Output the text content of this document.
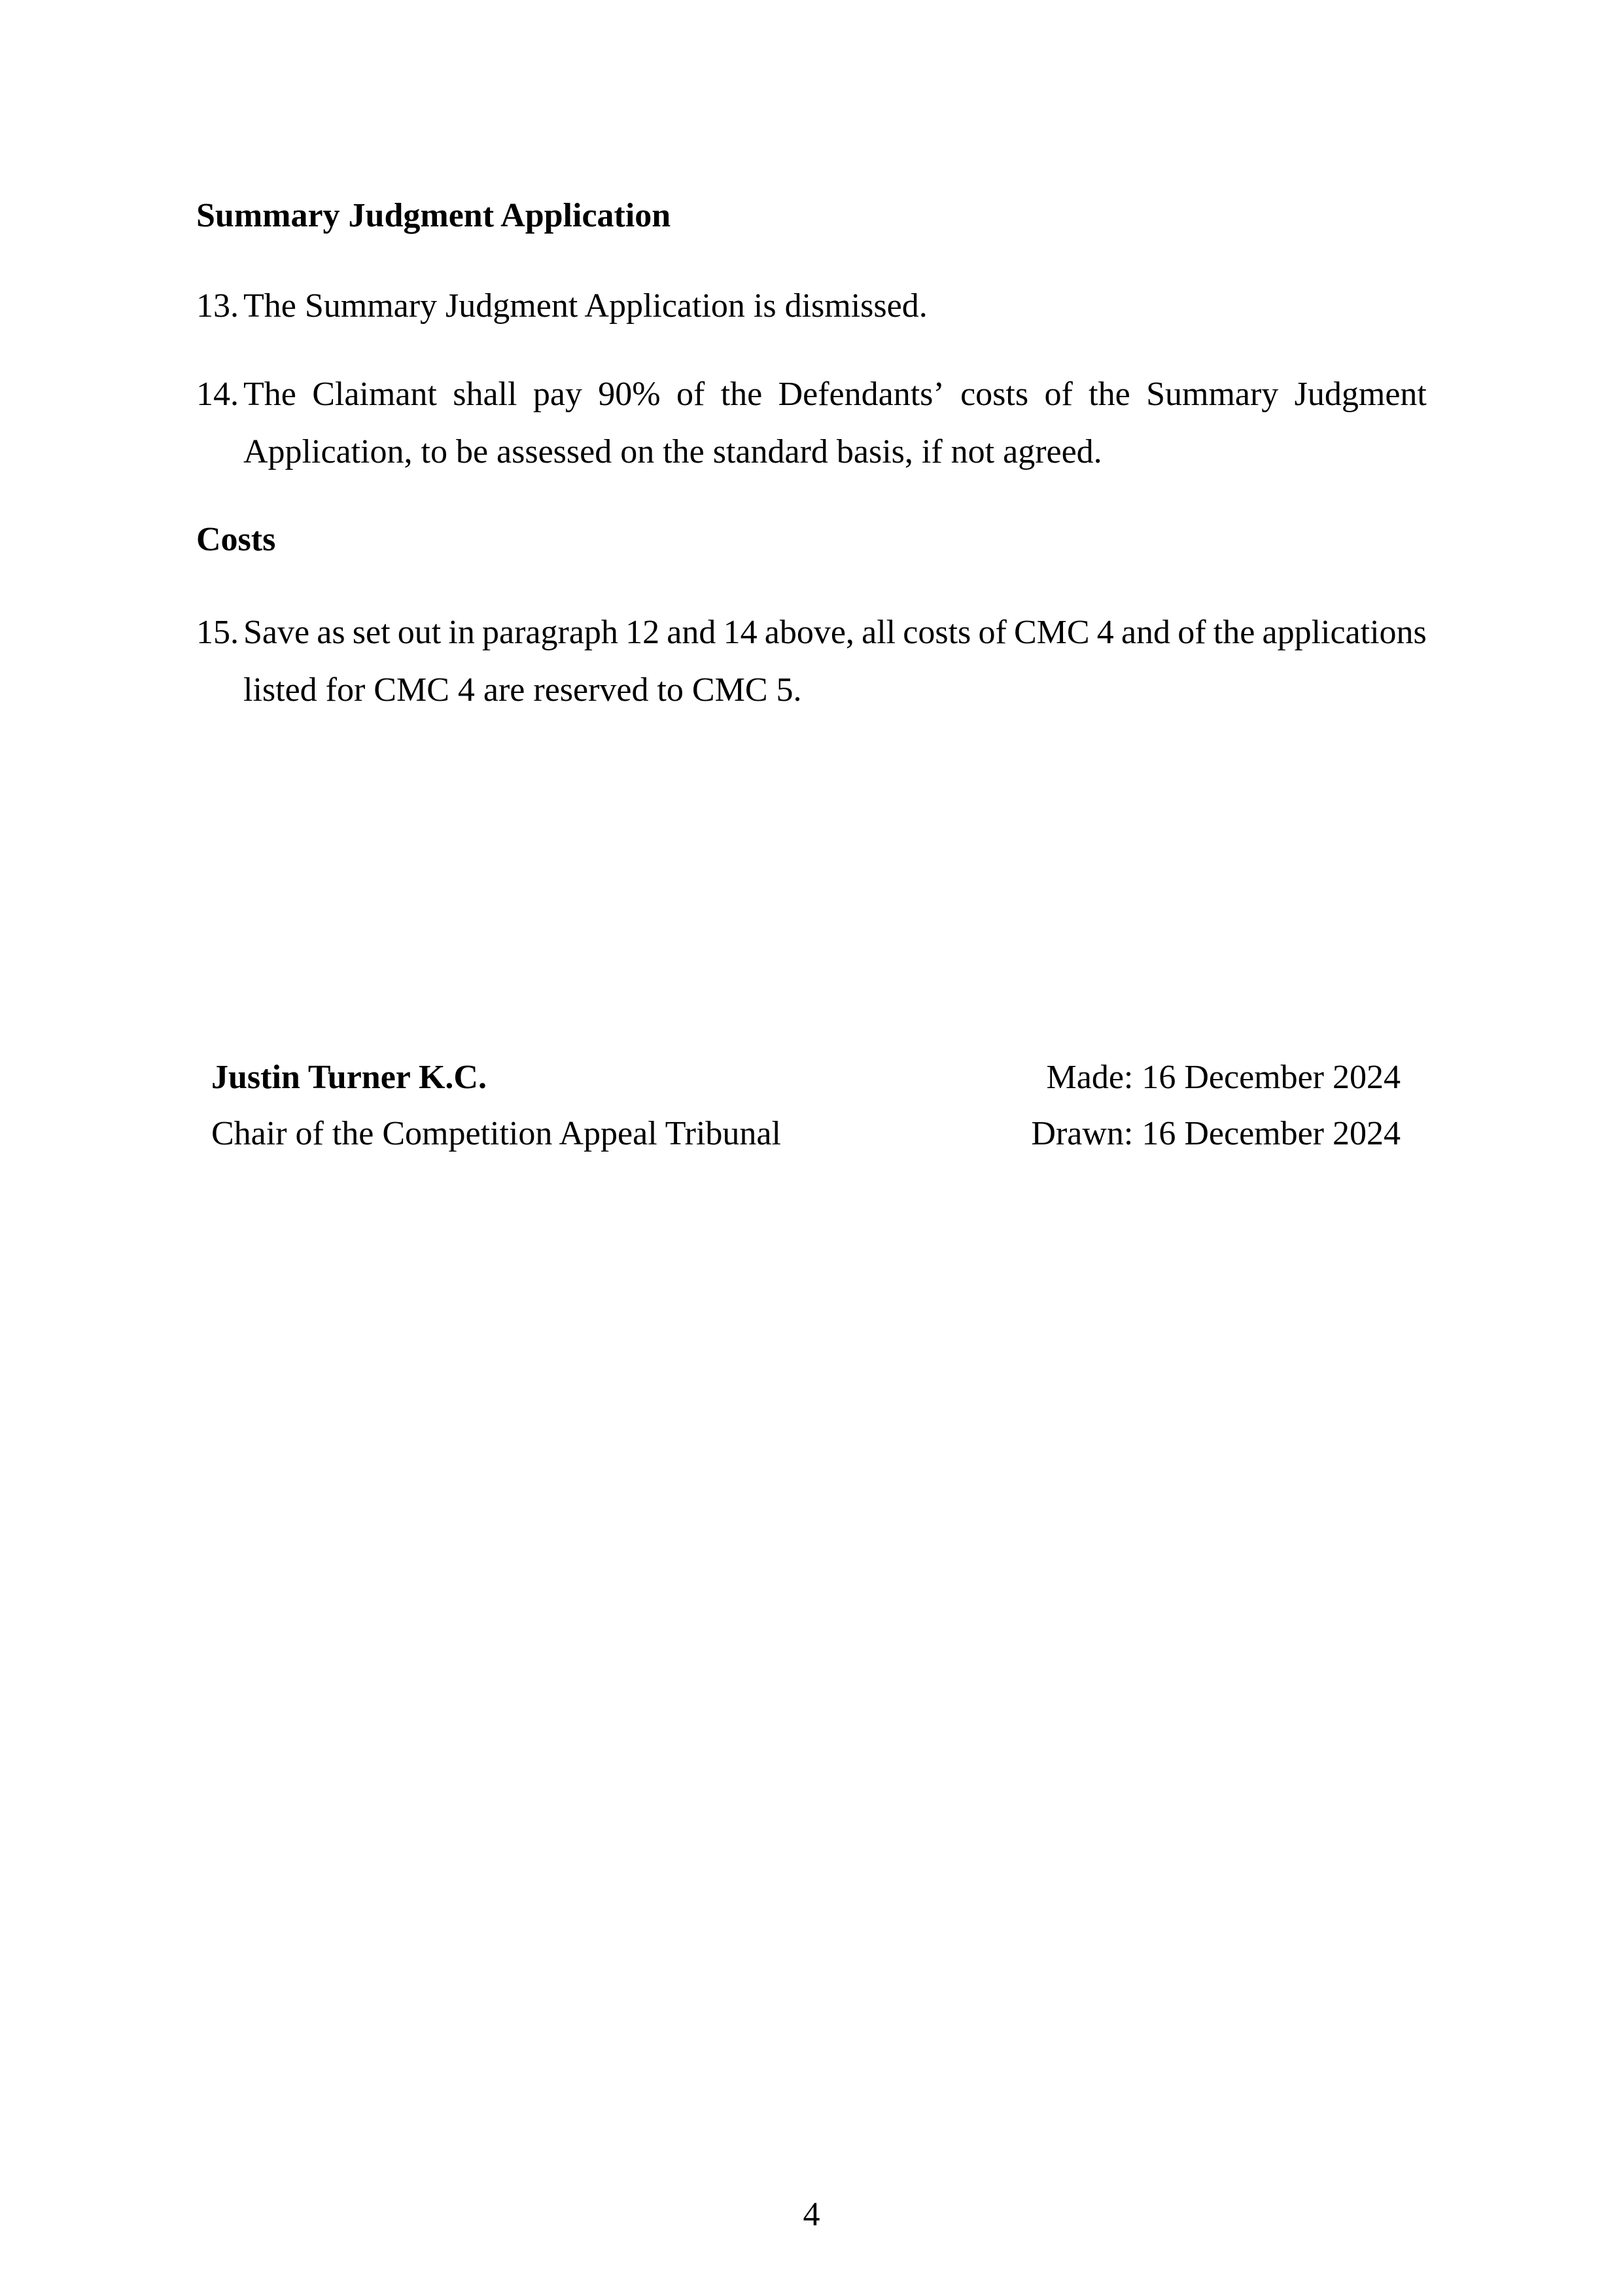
Summary Judgment Application
13. The Summary Judgment Application is dismissed.
14. The Claimant shall pay 90% of the Defendants’ costs of the Summary Judgment
Application, to be assessed on the standard basis, if not agreed.
Costs
15. Save as set out in paragraph 12 and 14 above, all costs of CMC 4 and of the applications
listed for CMC 4 are reserved to CMC 5.
Justin Turner K.C.
Chair of the Competition Appeal Tribunal
Made: 16 December 2024
Drawn: 16 December 2024
4
